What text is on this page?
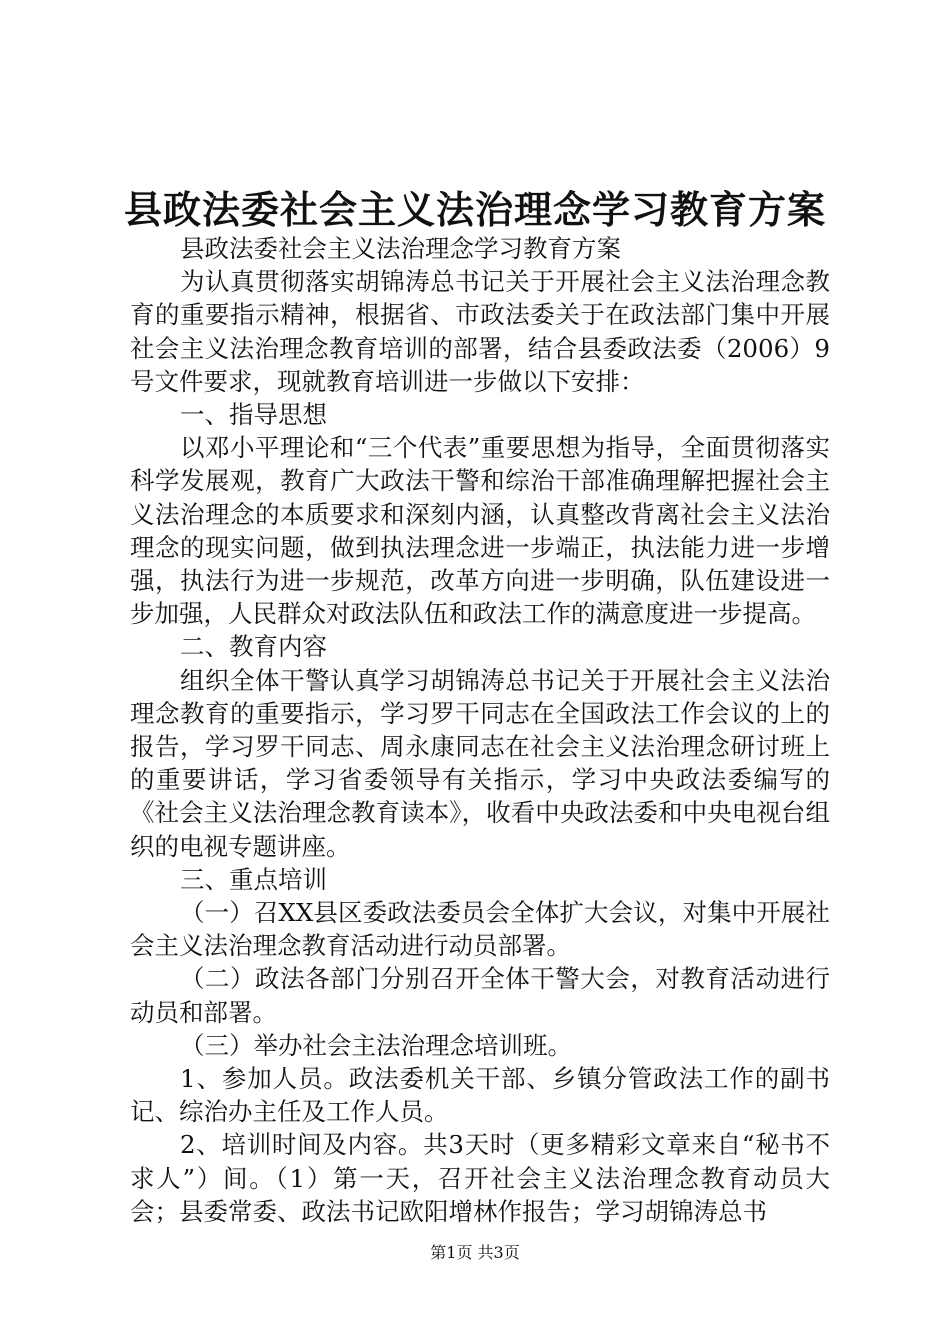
县政法委社会主义法治理念学习教育方案

县政法委社会主义法治理念学习教育方案

为认真贯彻落实胡锦涛总书记关于开展社会主义法治理念教育的重要指示精神，根据省、市政法委关于在政法部门集中开展社会主义法治理念教育培训的部署，结合县委政法委（2006）9号文件要求，现就教育培训进一步做以下安排：

一、指导思想

以邓小平理论和“三个代表”重要思想为指导，全面贯彻落实科学发展观，教育广大政法干警和综治干部准确理解把握社会主义法治理念的本质要求和深刻内涵，认真整改背离社会主义法治理念的现实问题，做到执法理念进一步端正，执法能力进一步增强，执法行为进一步规范，改革方向进一步明确，队伍建设进一步加强，人民群众对政法队伍和政法工作的满意度进一步提高。

二、教育内容

组织全体干警认真学习胡锦涛总书记关于开展社会主义法治理念教育的重要指示，学习罗干同志在全国政法工作会议的上的报告，学习罗干同志、周永康同志在社会主义法治理念研讨班上的重要讲话，学习省委领导有关指示，学习中央政法委编写的《社会主义法治理念教育读本》，收看中央政法委和中央电视台组织的电视专题讲座。

三、重点培训

（一）召XX县区委政法委员会全体扩大会议，对集中开展社会主义法治理念教育活动进行动员部署。

（二）政法各部门分别召开全体干警大会，对教育活动进行动员和部署。

（三）举办社会主法治理念培训班。

1、参加人员。政法委机关干部、乡镇分管政法工作的副书记、综治办主任及工作人员。

2、培训时间及内容。共3天时（更多精彩文章来自“秘书不求人”）间。（1）第一天，召开社会主义法治理念教育动员大会；县委常委、政法书记欧阳增林作报告；学习胡锦涛总书

第1页 共3页
